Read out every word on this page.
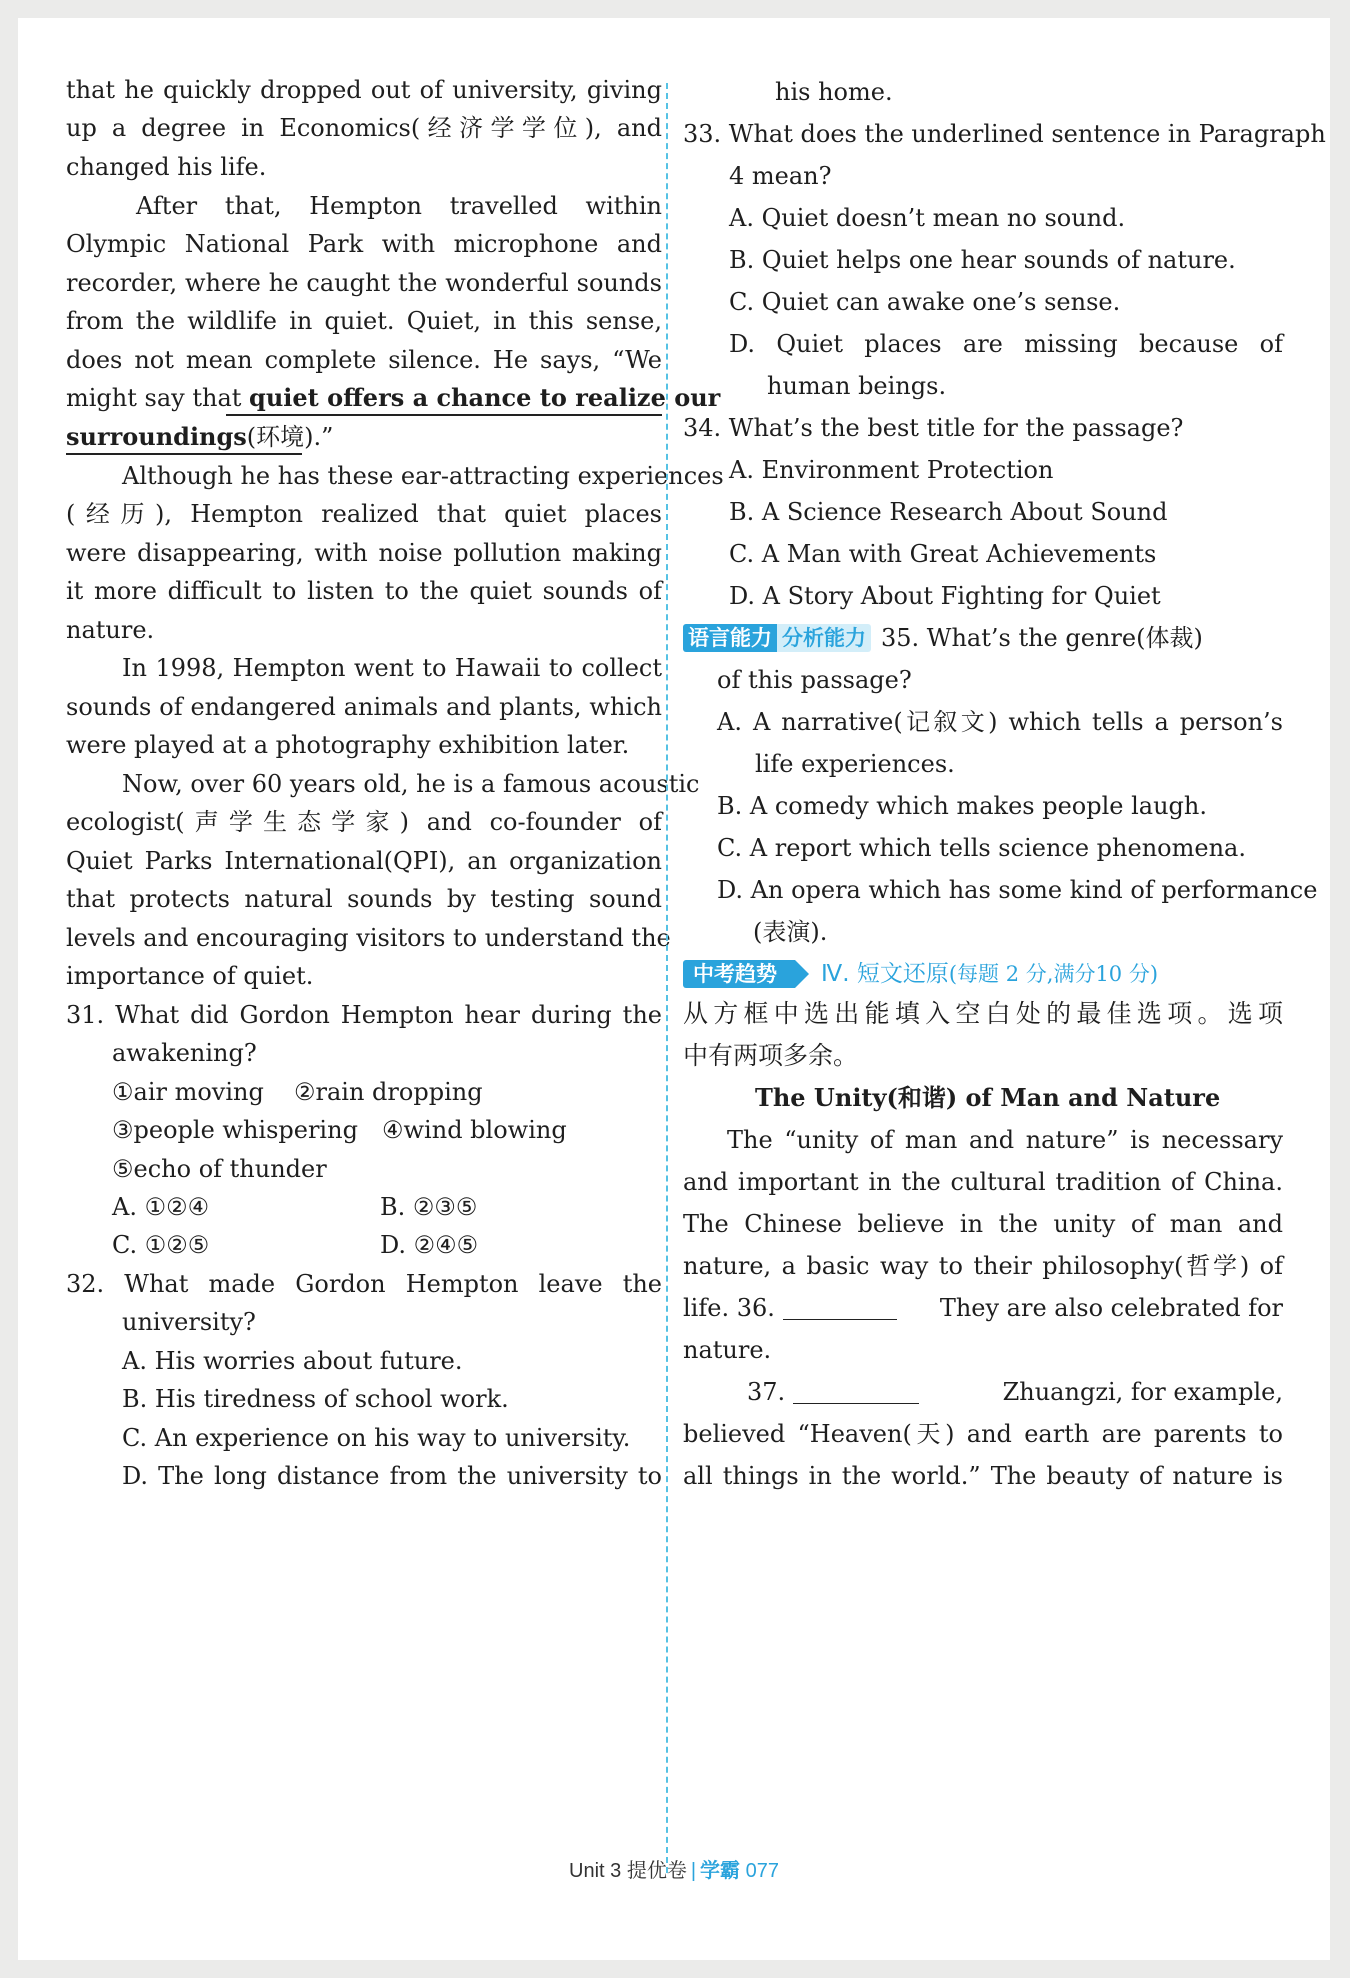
that he quickly dropped out of university, giving
up a degree in Economics(经济学学位), and
changed his life.
After that, Hempton travelled within
Olympic National Park with microphone and
recorder, where he caught the wonderful sounds
from the wildlife in quiet. Quiet, in this sense,
does not mean complete silence. He says, “We
might say that quiet offers a chance to realize our
surroundings(环境).”
Although he has these ear-attracting experiences
(经历), Hempton realized that quiet places
were disappearing, with noise pollution making
it more difficult to listen to the quiet sounds of
nature.
In 1998, Hempton went to Hawaii to collect
sounds of endangered animals and plants, which
were played at a photography exhibition later.
Now, over 60 years old, he is a famous acoustic
ecologist(声学生态学家) and co-founder of
Quiet Parks International(QPI), an organization
that protects natural sounds by testing sound
levels and encouraging visitors to understand the
importance of quiet.
31. What did Gordon Hempton hear during the
awakening?
①air moving	②rain dropping
③people whispering	④wind blowing
⑤echo of thunder
A. ①②④	B. ②③⑤
C. ①②⑤	D. ②④⑤
32. What made Gordon Hempton leave the
university?
A. His worries about future.
B. His tiredness of school work.
C. An experience on his way to university.
D. The long distance from the university to
his home.
33. What does the underlined sentence in Paragraph
4 mean?
A. Quiet doesn’t mean no sound.
B. Quiet helps one hear sounds of nature.
C. Quiet can awake one’s sense.
D. Quiet places are missing because of
human beings.
34. What’s the best title for the passage?
A. Environment Protection
B. A Science Research About Sound
C. A Man with Great Achievements
D. A Story About Fighting for Quiet
语言能力 分析能力 35. What’s the genre(体裁)
of this passage?
A. A narrative(记叙文) which tells a person’s
life experiences.
B. A comedy which makes people laugh.
C. A report which tells science phenomena.
D. An opera which has some kind of performance
(表演).
中考趋势	Ⅳ. 短文还原 (每题 2 分,满分10 分)
从方框中选出能填入空白处的最佳选项。选项
中有两项多余。
The Unity(和谐) of Man and Nature
The “unity of man and nature” is necessary
and important in the cultural tradition of China.
The Chinese believe in the unity of man and
nature, a basic way to their philosophy(哲学) of
life. 36.	They are also celebrated for
nature.
37.	Zhuangzi, for example,
believed “Heaven(天) and earth are parents to
all things in the world.” The beauty of nature is
Unit 3 提优卷 | 学霸 077
